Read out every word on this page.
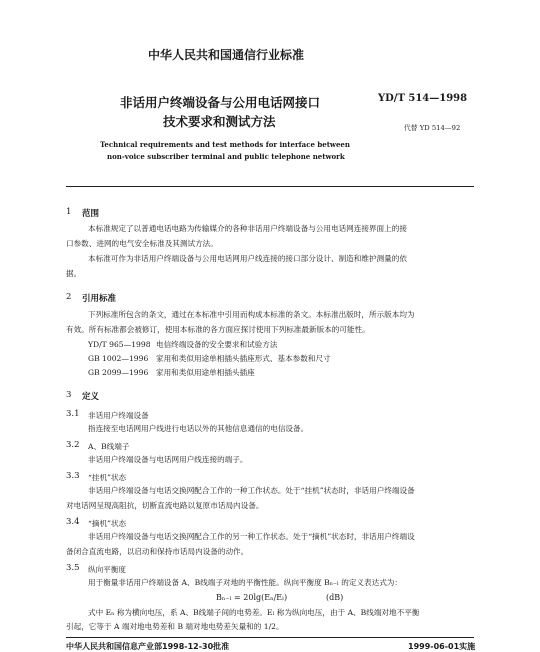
中华人民共和国通信行业标准
非话用户终端设备与公用电话网接口
技术要求和测试方法
YD/T 514—1998
代替 YD 514—92
Technical requirements and test methods for interface between
non-voice subscriber terminal and public telephone network
1 范围
本标准规定了以普通电话电路为传输媒介的各种非话用户终端设备与公用电话网连接界面上的接
口参数、进网的电气安全标准及其测试方法。
本标准可作为非话用户终端设备与公用电话网用户线连接的接口部分设计、制造和维护测量的依
据。
2 引用标准
下列标准所包含的条文，通过在本标准中引用而构成本标准的条文。本标准出版时，所示版本均为
有效。所有标准都会被修订，使用本标准的各方面应探讨使用下列标准最新版本的可能性。
YD/T 965—1998 电信终端设备的安全要求和试验方法
GB 1002—1996 家用和类似用途单相插头插座形式、基本参数和尺寸
GB 2099—1996 家用和类似用途单相插头插座
3 定义
3.1 非话用户终端设备
指连接至电话网用户线进行电话以外的其他信息通信的电信设备。
3.2 A、B线端子
非话用户终端设备与电话网用户线连接的端子。
3.3 “挂机”状态
非话用户终端设备与电话交换网配合工作的一种工作状态。处于“挂机”状态时，非话用户终端设备
对电话网呈现高阻抗，切断直流电路以复原市话局内设备。
3.4 “摘机”状态
非话用户终端设备与电话交换网配合工作的另一种工作状态。处于“摘机”状态时，非话用户终端设
备闭合直流电路，以启动和保持市话局内设备的动作。
3.5 纵向平衡度
用于衡量非话用户终端设备 A、B线端子对地的平衡性能。纵向平衡度 Bₙ₋ₗ 的定义表达式为：
Bₙ₋ₗ = 20lg(Eₙ/Eₗ)	(dB)
式中 Eₙ 称为横向电压，系 A、B线端子间的电势差。Eₗ 称为纵向电压，由于 A、B线端对地不平衡
引起，它等于 A 端对地电势差和 B 端对地电势差矢量和的 1/2。
中华人民共和国信息产业部1998-12-30批准	1999-06-01实施
